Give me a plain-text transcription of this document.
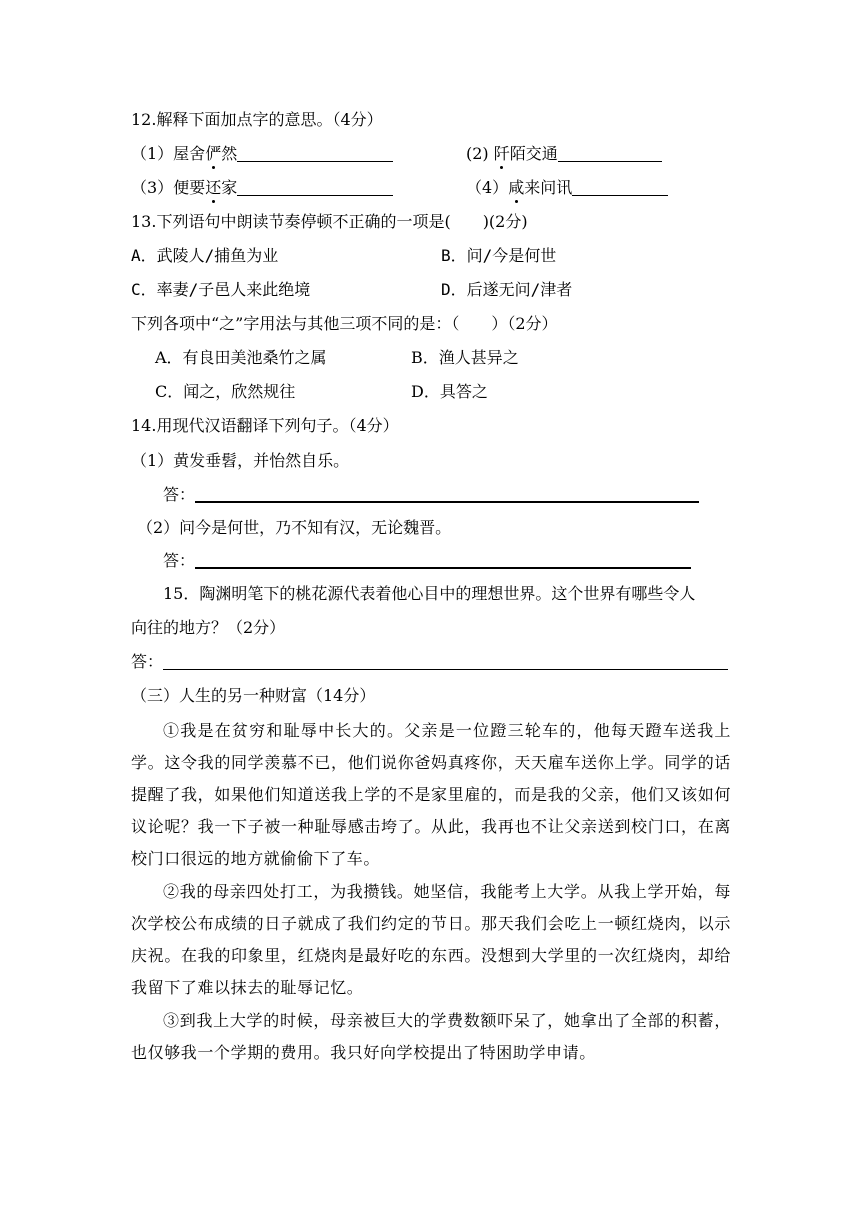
12.解释下面加点字的意思。（4分）
（1）屋舍俨然	(2) 阡陌交通
（3）便要还家	（4）咸来问讯
13.下列语句中朗读节奏停顿不正确的一项是(　　)(2分)
A．武陵人/捕鱼为业	B．问/今是何世
C．率妻/子邑人来此绝境	D．后遂无问/津者
下列各项中“之”字用法与其他三项不同的是：（　　）（2分）
A．有良田美池桑竹之属	B．渔人甚异之
C．闻之，欣然规往	D．具答之
14.用现代汉语翻译下列句子。（4分）
（1）黄发垂髫，并怡然自乐。
答：
（2）问今是何世，乃不知有汉，无论魏晋。
答：
15．陶渊明笔下的桃花源代表着他心目中的理想世界。这个世界有哪些令人
向往的地方？（2分）
答：
（三）人生的另一种财富（14分）
①我是在贫穷和耻辱中长大的。父亲是一位蹬三轮车的，他每天蹬车送我上学。这令我的同学羡慕不已，他们说你爸妈真疼你，天天雇车送你上学。同学的话提醒了我，如果他们知道送我上学的不是家里雇的，而是我的父亲，他们又该如何议论呢？我一下子被一种耻辱感击垮了。从此，我再也不让父亲送到校门口，在离校门口很远的地方就偷偷下了车。
②我的母亲四处打工，为我攒钱。她坚信，我能考上大学。从我上学开始，每次学校公布成绩的日子就成了我们约定的节日。那天我们会吃上一顿红烧肉，以示庆祝。在我的印象里，红烧肉是最好吃的东西。没想到大学里的一次红烧肉，却给我留下了难以抹去的耻辱记忆。
③到我上大学的时候，母亲被巨大的学费数额吓呆了，她拿出了全部的积蓄，也仅够我一个学期的费用。我只好向学校提出了特困助学申请。
